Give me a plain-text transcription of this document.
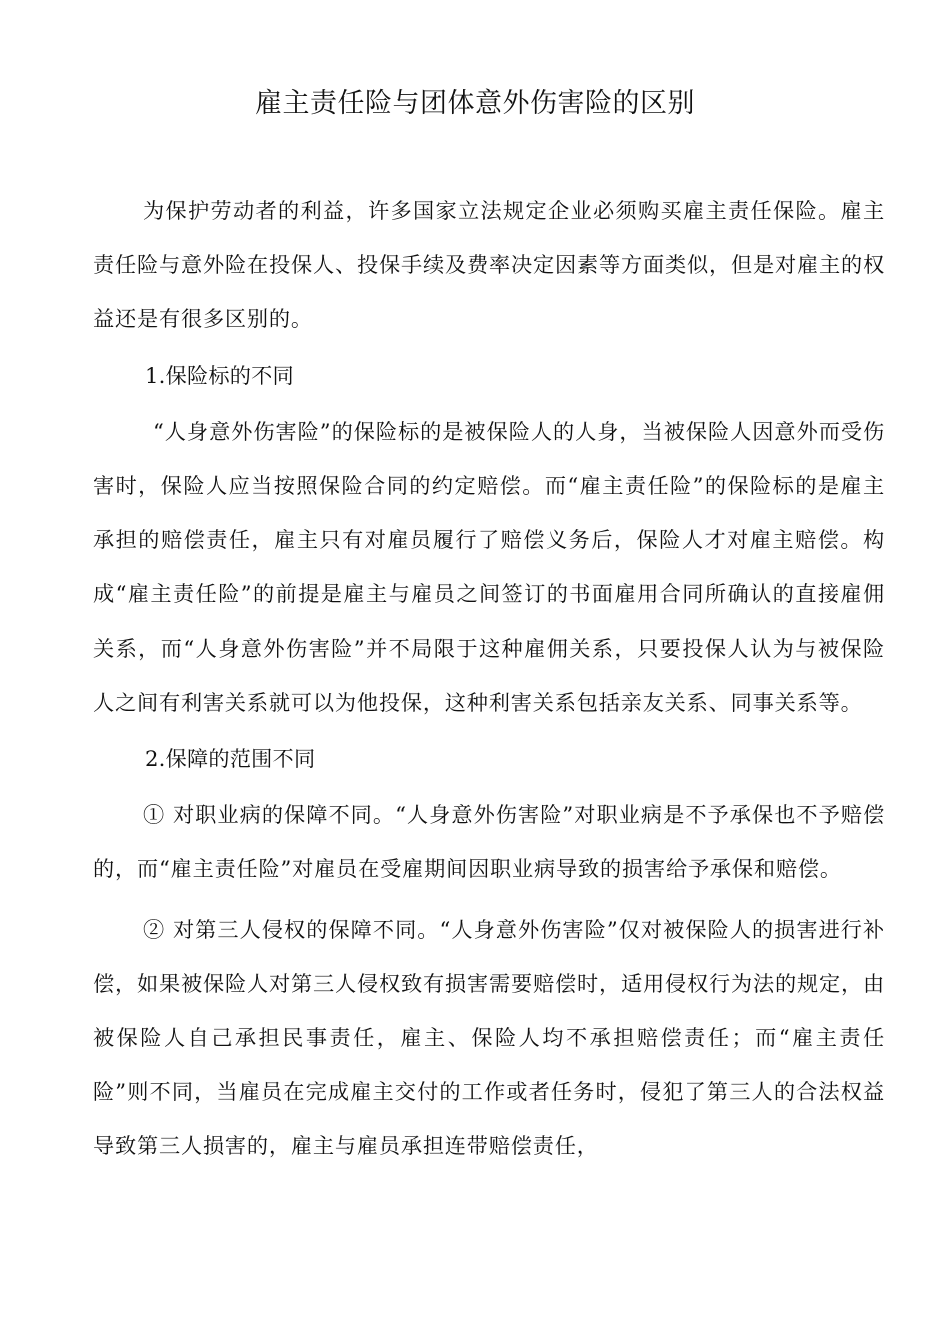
雇主责任险与团体意外伤害险的区别

为保护劳动者的利益，许多国家立法规定企业必须购买雇主责任保险。雇主责任险与意外险在投保人、投保手续及费率决定因素等方面类似，但是对雇主的权益还是有很多区别的。

1.保险标的不同

“人身意外伤害险”的保险标的是被保险人的人身，当被保险人因意外而受伤害时，保险人应当按照保险合同的约定赔偿。而“雇主责任险”的保险标的是雇主承担的赔偿责任，雇主只有对雇员履行了赔偿义务后，保险人才对雇主赔偿。构成“雇主责任险”的前提是雇主与雇员之间签订的书面雇用合同所确认的直接雇佣关系，而“人身意外伤害险”并不局限于这种雇佣关系，只要投保人认为与被保险人之间有利害关系就可以为他投保，这种利害关系包括亲友关系、同事关系等。

2.保障的范围不同

① 对职业病的保障不同。“人身意外伤害险”对职业病是不予承保也不予赔偿的，而“雇主责任险”对雇员在受雇期间因职业病导致的损害给予承保和赔偿。

② 对第三人侵权的保障不同。“人身意外伤害险”仅对被保险人的损害进行补偿，如果被保险人对第三人侵权致有损害需要赔偿时，适用侵权行为法的规定，由被保险人自己承担民事责任，雇主、保险人均不承担赔偿责任；而“雇主责任险”则不同，当雇员在完成雇主交付的工作或者任务时，侵犯了第三人的合法权益导致第三人损害的，雇主与雇员承担连带赔偿责任，
